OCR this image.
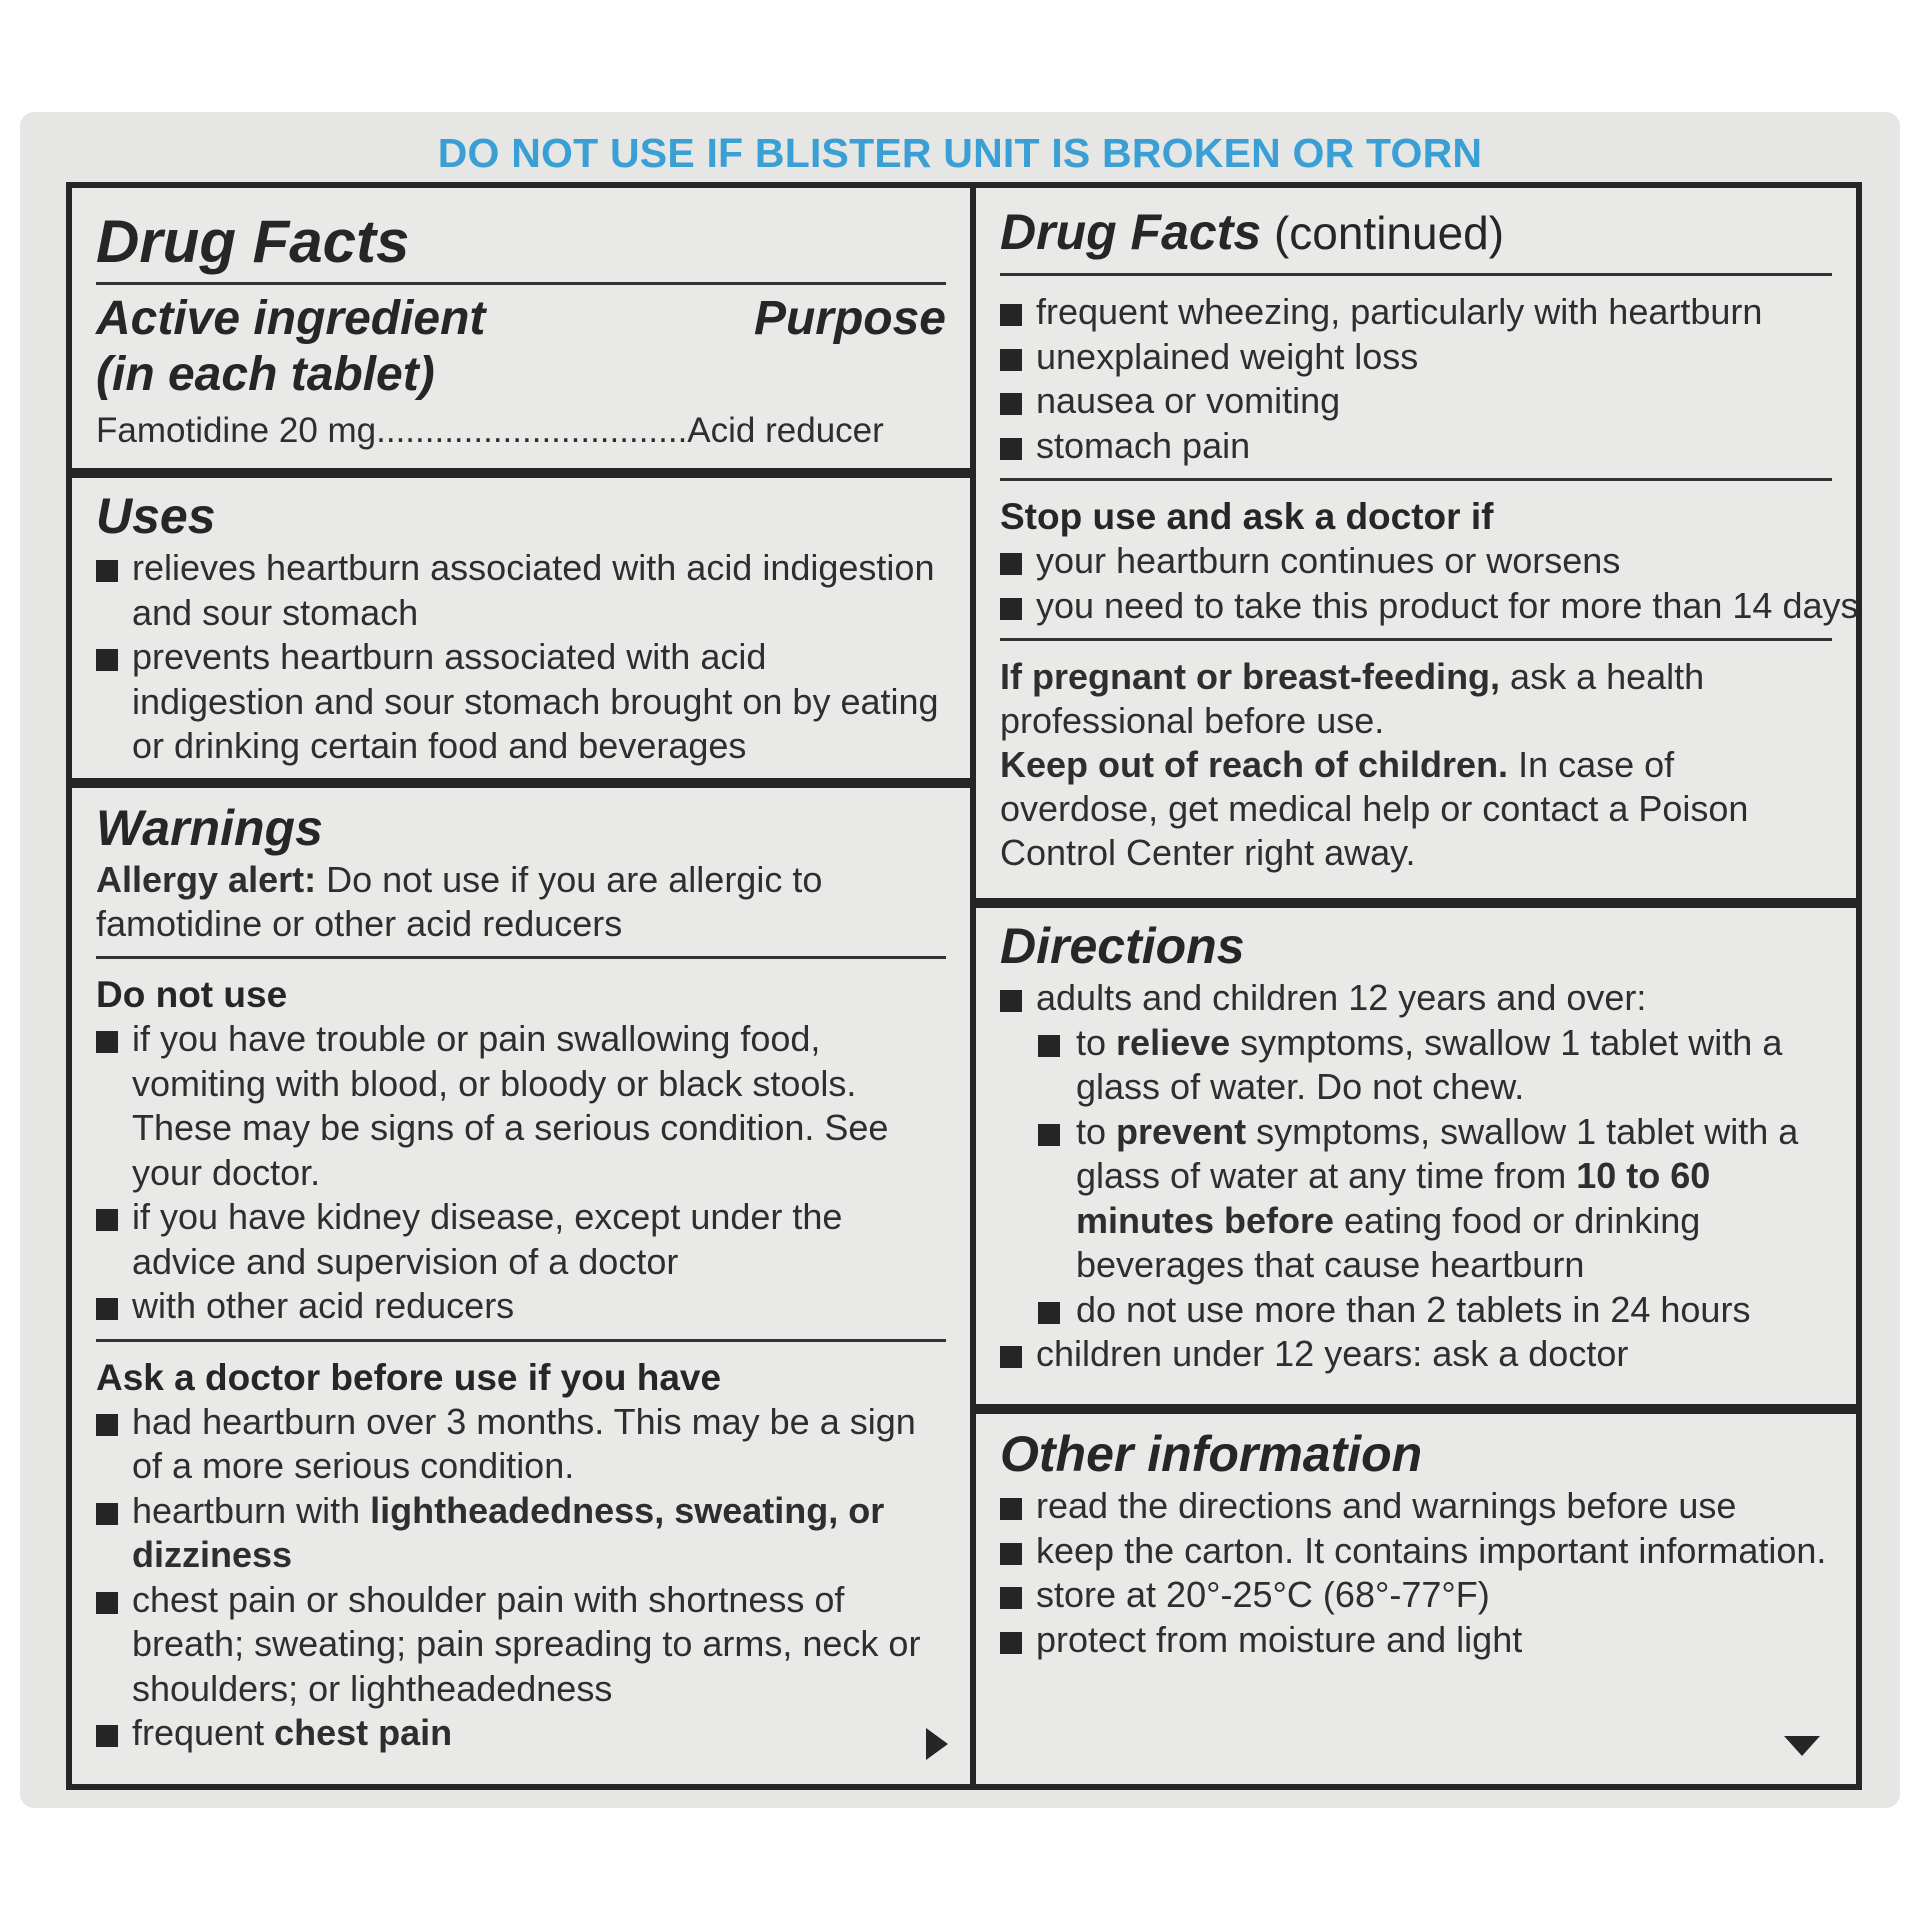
DO NOT USE IF BLISTER UNIT IS BROKEN OR TORN
Drug Facts
Active ingredient
(in each tablet)
Purpose
Famotidine 20 mg................................Acid reducer
Uses
relieves heartburn associated with acid indigestion and sour stomach
prevents heartburn associated with acid indigestion and sour stomach brought on by eating or drinking certain food and beverages
Warnings
Allergy alert: Do not use if you are allergic to famotidine or other acid reducers
Do not use
if you have trouble or pain swallowing food, vomiting with blood, or bloody or black stools. These may be signs of a serious condition. See your doctor.
if you have kidney disease, except under the advice and supervision of a doctor
with other acid reducers
Ask a doctor before use if you have
had heartburn over 3 months. This may be a sign of a more serious condition.
heartburn with lightheadedness, sweating, or dizziness
chest pain or shoulder pain with shortness of breath; sweating; pain spreading to arms, neck or shoulders; or lightheadedness
frequent chest pain
Drug Facts (continued)
frequent wheezing, particularly with heartburn
unexplained weight loss
nausea or vomiting
stomach pain
Stop use and ask a doctor if
your heartburn continues or worsens
you need to take this product for more than 14 days
If pregnant or breast-feeding, ask a health professional before use.
Keep out of reach of children. In case of overdose, get medical help or contact a Poison Control Center right away.
Directions
adults and children 12 years and over:
to relieve symptoms, swallow 1 tablet with a glass of water. Do not chew.
to prevent symptoms, swallow 1 tablet with a glass of water at any time from 10 to 60 minutes before eating food or drinking beverages that cause heartburn
do not use more than 2 tablets in 24 hours
children under 12 years: ask a doctor
Other information
read the directions and warnings before use
keep the carton. It contains important information.
store at 20°-25°C (68°-77°F)
protect from moisture and light
